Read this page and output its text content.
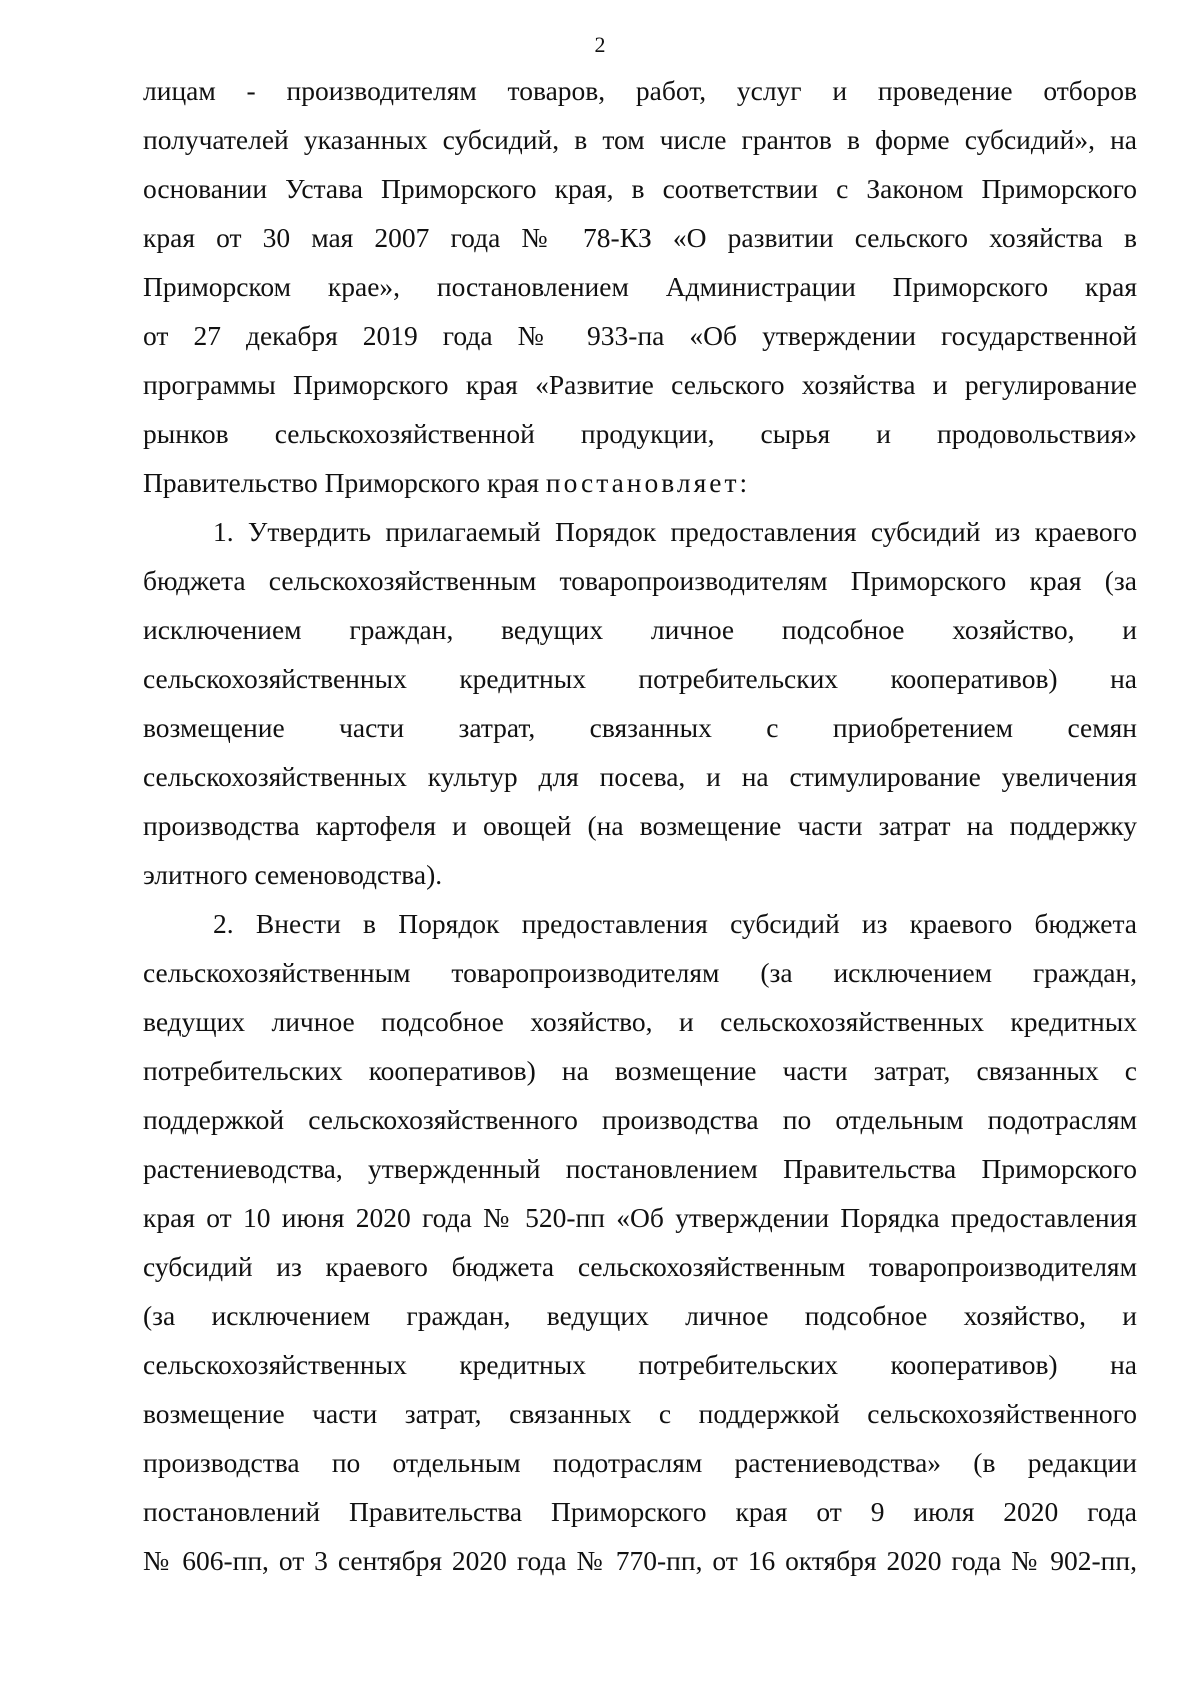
2
лицам - производителям товаров, работ, услуг и проведение отборов
получателей указанных субсидий, в том числе грантов в форме субсидий», на
основании Устава Приморского края, в соответствии с Законом Приморского
края от 30 мая 2007 года № 78-КЗ «О развитии сельского хозяйства в
Приморском крае», постановлением Администрации Приморского края
от 27 декабря 2019 года № 933-па «Об утверждении государственной
программы Приморского края «Развитие сельского хозяйства и регулирование
рынков сельскохозяйственной продукции, сырья и продовольствия»
Правительство Приморского края постановляет:
1. Утвердить прилагаемый Порядок предоставления субсидий из краевого
бюджета сельскохозяйственным товаропроизводителям Приморского края (за
исключением граждан, ведущих личное подсобное хозяйство, и
сельскохозяйственных кредитных потребительских кооперативов) на
возмещение части затрат, связанных с приобретением семян
сельскохозяйственных культур для посева, и на стимулирование увеличения
производства картофеля и овощей (на возмещение части затрат на поддержку
элитного семеноводства).
2. Внести в Порядок предоставления субсидий из краевого бюджета
сельскохозяйственным товаропроизводителям (за исключением граждан,
ведущих личное подсобное хозяйство, и сельскохозяйственных кредитных
потребительских кооперативов) на возмещение части затрат, связанных с
поддержкой сельскохозяйственного производства по отдельным подотраслям
растениеводства, утвержденный постановлением Правительства Приморского
края от 10 июня 2020 года № 520-пп «Об утверждении Порядка предоставления
субсидий из краевого бюджета сельскохозяйственным товаропроизводителям
(за исключением граждан, ведущих личное подсобное хозяйство, и
сельскохозяйственных кредитных потребительских кооперативов) на
возмещение части затрат, связанных с поддержкой сельскохозяйственного
производства по отдельным подотраслям растениеводства» (в редакции
постановлений Правительства Приморского края от 9 июля 2020 года
№ 606-пп, от 3 сентября 2020 года № 770-пп, от 16 октября 2020 года № 902-пп,
